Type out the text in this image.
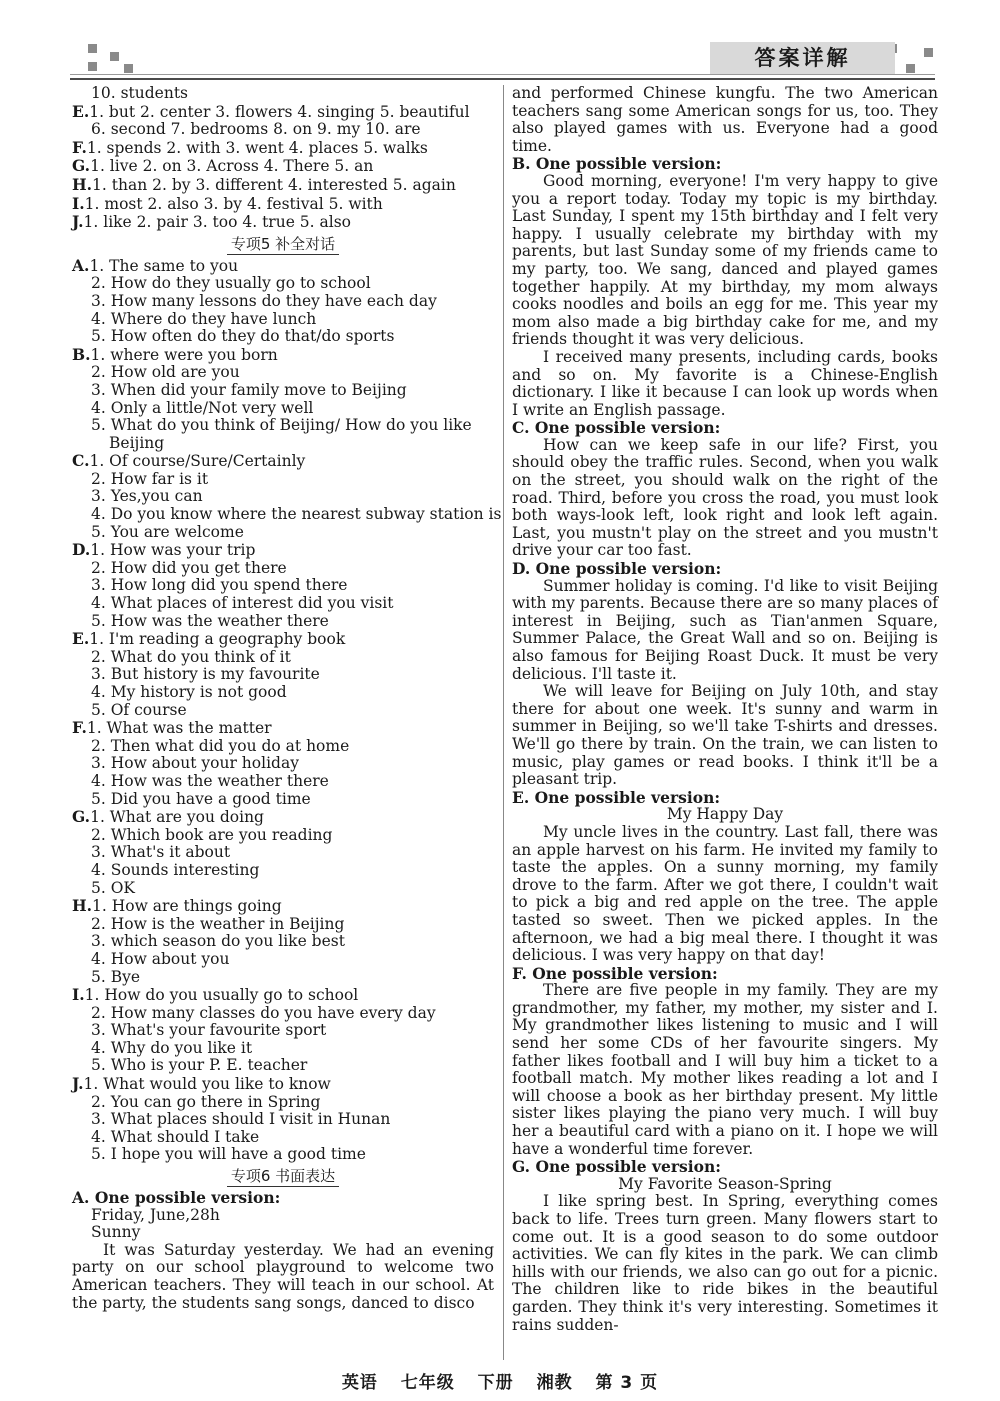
答案详解
10. students
E.1. but 2. center 3. flowers 4. singing 5. beautiful
6. second 7. bedrooms 8. on 9. my 10. are
F.1. spends 2. with 3. went 4. places 5. walks
G.1. live 2. on 3. Across 4. There 5. an
H.1. than 2. by 3. different 4. interested 5. again
I.1. most 2. also 3. by 4. festival 5. with
J.1. like 2. pair 3. too 4. true 5. also
专项5 补全对话
A.1. The same to you
2. How do they usually go to school
3. How many lessons do they have each day
4. Where do they have lunch
5. How often do they do that/do sports
B.1. where were you born
2. How old are you
3. When did your family move to Beijing
4. Only a little/Not very well
5. What do you think of Beijing/ How do you like
Beijing
C.1. Of course/Sure/Certainly
2. How far is it
3. Yes,you can
4. Do you know where the nearest subway station is
5. You are welcome
D.1. How was your trip
2. How did you get there
3. How long did you spend there
4. What places of interest did you visit
5. How was the weather there
E.1. I'm reading a geography book
2. What do you think of it
3. But history is my favourite
4. My history is not good
5. Of course
F.1. What was the matter
2. Then what did you do at home
3. How about your holiday
4. How was the weather there
5. Did you have a good time
G.1. What are you doing
2. Which book are you reading
3. What's it about
4. Sounds interesting
5. OK
H.1. How are things going
2. How is the weather in Beijing
3. which season do you like best
4. How about you
5. Bye
I.1. How do you usually go to school
2. How many classes do you have every day
3. What's your favourite sport
4. Why do you like it
5. Who is your P. E. teacher
J.1. What would you like to know
2. You can go there in Spring
3. What places should I visit in Hunan
4. What should I take
5. I hope you will have a good time
专项6 书面表达
A. One possible version:
Friday, June,28h
Sunny
It was Saturday yesterday. We had an evening party on our school playground to welcome two American teachers. They will teach in our school. At the party, the students sang songs, danced to disco
and performed Chinese kungfu. The two American teachers sang some American songs for us, too. They also played games with us. Everyone had a good time.
B. One possible version:
Good morning, everyone! I'm very happy to give you a report today. Today my topic is my birthday. Last Sunday, I spent my 15th birthday and I felt very happy. I usually celebrate my birthday with my parents, but last Sunday some of my friends came to my party, too. We sang, danced and played games together happily. At my birthday, my mom always cooks noodles and boils an egg for me. This year my mom also made a big birthday cake for me, and my friends thought it was very delicious.
I received many presents, including cards, books and so on. My favorite is a Chinese-English dictionary. I like it because I can look up words when I write an English passage.
C. One possible version:
How can we keep safe in our life? First, you should obey the traffic rules. Second, when you walk on the street, you should walk on the right of the road. Third, before you cross the road, you must look both ways-look left, look right and look left again. Last, you mustn't play on the street and you mustn't drive your car too fast.
D. One possible version:
Summer holiday is coming. I'd like to visit Beijing with my parents. Because there are so many places of interest in Beijing, such as Tian'anmen Square, Summer Palace, the Great Wall and so on. Beijing is also famous for Beijing Roast Duck. It must be very delicious. I'll taste it.
We will leave for Beijing on July 10th, and stay there for about one week. It's sunny and warm in summer in Beijing, so we'll take T-shirts and dresses. We'll go there by train. On the train, we can listen to music, play games or read books. I think it'll be a pleasant trip.
E. One possible version:
My Happy Day
My uncle lives in the country. Last fall, there was an apple harvest on his farm. He invited my family to taste the apples. On a sunny morning, my family drove to the farm. After we got there, I couldn't wait to pick a big and red apple on the tree. The apple tasted so sweet. Then we picked apples. In the afternoon, we had a big meal there. I thought it was delicious. I was very happy on that day!
F. One possible version:
There are five people in my family. They are my grandmother, my father, my mother, my sister and I. My grandmother likes listening to music and I will send her some CDs of her favourite singers. My father likes football and I will buy him a ticket to a football match. My mother likes reading a lot and I will choose a book as her birthday present. My little sister likes playing the piano very much. I will buy her a beautiful card with a piano on it. I hope we will have a wonderful time forever.
G. One possible version:
My Favorite Season-Spring
I like spring best. In Spring, everything comes back to life. Trees turn green. Many flowers start to come out. It is a good season to do some outdoor activities. We can fly kites in the park. We can climb hills with our friends, we also can go out for a picnic. The children like to ride bikes in the beautiful garden. They think it's very interesting. Sometimes it rains sudden-
英语 七年级 下册 湘教 第 3 页
